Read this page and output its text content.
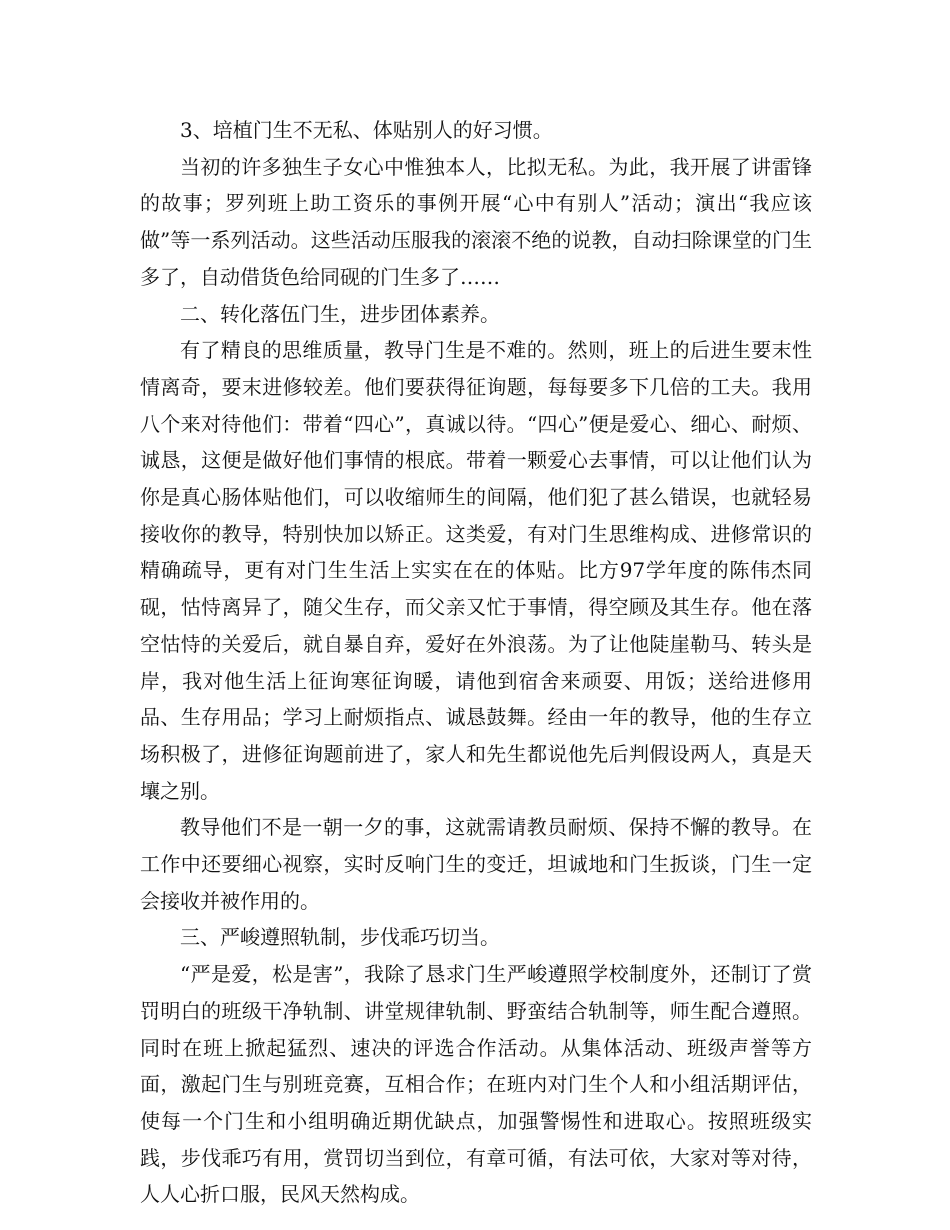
3、培植门生不无私、体贴别人的好习惯。

当初的许多独生子女心中惟独本人，比拟无私。为此，我开展了讲雷锋的故事；罗列班上助工资乐的事例开展“心中有别人”活动；演出“我应该做”等一系列活动。这些活动压服我的滚滚不绝的说教，自动扫除课堂的门生多了，自动借货色给同砚的门生多了……

二、转化落伍门生，进步团体素养。

有了精良的思维质量，教导门生是不难的。然则，班上的后进生要末性情离奇，要末进修较差。他们要获得征询题，每每要多下几倍的工夫。我用八个来对待他们：带着“四心”，真诚以待。“四心”便是爱心、细心、耐烦、诚恳，这便是做好他们事情的根底。带着一颗爱心去事情，可以让他们认为你是真心肠体贴他们，可以收缩师生的间隔，他们犯了甚么错误，也就轻易接收你的教导，特别快加以矫正。这类爱，有对门生思维构成、进修常识的精确疏导，更有对门生生活上实实在在的体贴。比方97学年度的陈伟杰同砚，怙恃离异了，随父生存，而父亲又忙于事情，得空顾及其生存。他在落空怙恃的关爱后，就自暴自弃，爱好在外浪荡。为了让他陡崖勒马、转头是岸，我对他生活上征询寒征询暖，请他到宿舍来顽耍、用饭；送给进修用品、生存用品；学习上耐烦指点、诚恳鼓舞。经由一年的教导，他的生存立场积极了，进修征询题前进了，家人和先生都说他先后判假设两人，真是天壤之别。

教导他们不是一朝一夕的事，这就需请教员耐烦、保持不懈的教导。在工作中还要细心视察，实时反响门生的变迁，坦诚地和门生扳谈，门生一定会接收并被作用的。

三、严峻遵照轨制，步伐乖巧切当。

“严是爱，松是害”，我除了恳求门生严峻遵照学校制度外，还制订了赏罚明白的班级干净轨制、讲堂规律轨制、野蛮结合轨制等，师生配合遵照。同时在班上掀起猛烈、速决的评选合作活动。从集体活动、班级声誉等方面，激起门生与别班竞赛，互相合作；在班内对门生个人和小组活期评估，使每一个门生和小组明确近期优缺点，加强警惕性和进取心。按照班级实践，步伐乖巧有用，赏罚切当到位，有章可循，有法可依，大家对等对待，人人心折口服，民风天然构成。
